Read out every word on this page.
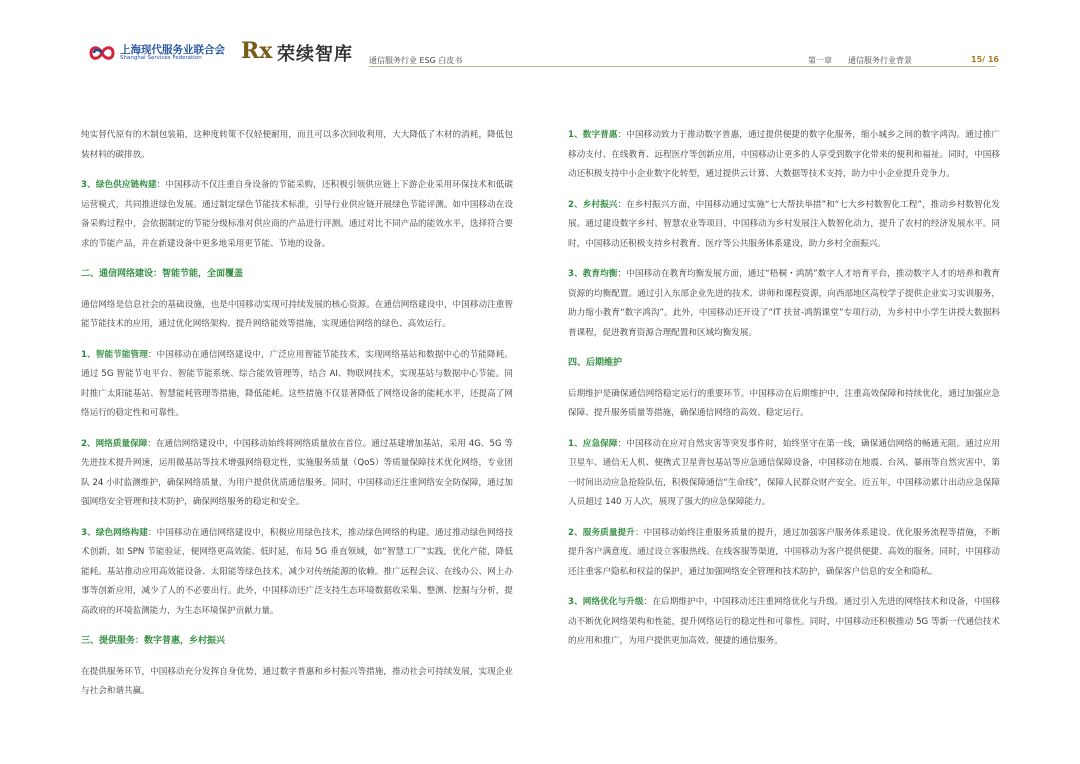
上海现代服务业联合会
Shanghai Services Federation Rx 荣续智库 通信服务行业 ESG 白皮书	第一章 通信服务行业背景	15/ 16

纯实替代原有的木制包装箱，这种度转策不仅轻便耐用，而且可以多次回收利用，大大降低了木材的消耗，降低包装材料的碳排放。

3、绿色供应链构建：中国移动不仅注重自身设备的节能采购，还积极引领供应链上下游企业采用环保技术和低碳运营模式，共同推进绿色发展。通过制定绿色节能技术标准，引导行业供应链开展绿色节能评测。如中国移动在设备采购过程中，会依据制定的节能分级标准对供应商的产品进行评测。通过对比不同产品的能效水平，选择符合要求的节能产品，并在新建设备中更多地采用更节能、节地的设备。

二、通信网络建设：智能节能，全面覆盖

通信网络是信息社会的基础设施，也是中国移动实现可持续发展的核心资源。在通信网络建设中，中国移动注重智能节能技术的应用，通过优化网络架构、提升网络能效等措施，实现通信网络的绿色、高效运行。

1、智能节能管理：中国移动在通信网络建设中，广泛应用智能节能技术，实现网络基站和数据中心的节能降耗。通过 5G 智能节电平台、智能节能系统、综合能效管理等，结合 AI、物联网技术，实现基站与数据中心节能。同时推广太阳能基站、智慧能耗管理等措施，降低能耗。这些措施不仅显著降低了网络设备的能耗水平，还提高了网络运行的稳定性和可靠性。

2、网络质量保障：在通信网络建设中，中国移动始终将网络质量放在首位。通过基建增加基站，采用 4G、5G 等先进技术提升网速，运用微基站等技术增强网络稳定性，实施服务质量（QoS）等质量保障技术优化网络，专业团队 24 小时监测维护，确保网络质量，为用户提供优质通信服务。同时，中国移动还注重网络安全防保障，通过加强网络安全管理和技术防护，确保网络服务的稳定和安全。

3、绿色网络构建：中国移动在通信网络建设中，积极应用绿色技术，推动绿色网络的构建。通过推动绿色网络技术创新，如 SPN 节能验证，便网络更高效能、低时延，布局 5G 垂直领域，如“智慧工厂”实践，优化产能，降低能耗。基站推动应用高效能设备、太阳能等绿色技术，减少对传统能源的依赖。推广远程会议、在线办公、网上办事等创新应用，减少了人的不必要出行。此外，中国移动还广泛支持生态环境数据收采集、整测、挖掘与分析，提高政府的环境监测能力，为生态环境保护贡献力量。

三、提供服务：数字普惠，乡村振兴

在提供服务环节，中国移动充分发挥自身优势，通过数字普惠和乡村振兴等措施，推动社会可持续发展，实现企业与社会和谐共赢。

1、数字普惠：中国移动致力于推动数字普惠，通过提供便捷的数字化服务，缩小城乡之间的数字鸿沟。通过推广移动支付、在线教育、远程医疗等创新应用，中国移动让更多的人享受到数字化带来的便利和福祉。同时，中国移动还积极支持中小企业数字化转型，通过提供云计算、大数据等技术支持，助力中小企业提升竞争力。

2、乡村振兴：在乡村振兴方面，中国移动通过实施“七大帮扶举措”和“七大乡村数智化工程”，推动乡村数智化发展。通过建设数字乡村、智慧农业等项目，中国移动为乡村发展注入数智化动力，提升了农村的经济发展水平。同时，中国移动还积极支持乡村教育、医疗等公共服务体系建设，助力乡村全面振兴。

3、教育均衡：中国移动在教育均衡发展方面，通过“梧桐・鸿鹄”数字人才培育平台，推动数字人才的培养和教育资源的均衡配置。通过引入东部企业先进的技术、讲师和课程资源，向西部地区高校学子提供企业实习实训服务，助力缩小教育“数字鸿沟”。此外，中国移动还开设了“IT 扶贫-鸿鹄课堂”专项行动，为乡村中小学生讲授大数据科普课程，促进教育资源合理配置和区域均衡发展。

四、后期维护

后期维护是确保通信网络稳定运行的重要环节。中国移动在后期维护中，注重高效保障和持续优化，通过加强应急保障、提升服务质量等措施，确保通信网络的高效、稳定运行。

1、应急保障：中国移动在应对自然灾害等突发事件时，始终坚守在第一线，确保通信网络的畅通无阻。通过应用卫星车、通信无人机、便携式卫星背包基站等应急通信保障设备，中国移动在地震、台风、暴雨等自然灾害中，第一时间出动应急抢险队伍，积极保障通信“生命线”，保障人民群众财产安全。近五年，中国移动累计出动应急保障人员超过 140 万人次，展现了强大的应急保障能力。

2、服务质量提升：中国移动始终注重服务质量的提升，通过加强客户服务体系建设、优化服务流程等措施，不断提升客户满意度。通过设立客服热线、在线客服等渠道，中国移动为客户提供便捷、高效的服务。同时，中国移动还注重客户隐私和权益的保护，通过加强网络安全管理和技术防护，确保客户信息的安全和隐私。

3、网络优化与升级：在后期维护中，中国移动还注重网络优化与升级。通过引入先进的网络技术和设备，中国移动不断优化网络架构和性能，提升网络运行的稳定性和可靠性。同时，中国移动还积极推动 5G 等新一代通信技术的应用和推广，为用户提供更加高效、便捷的通信服务。
